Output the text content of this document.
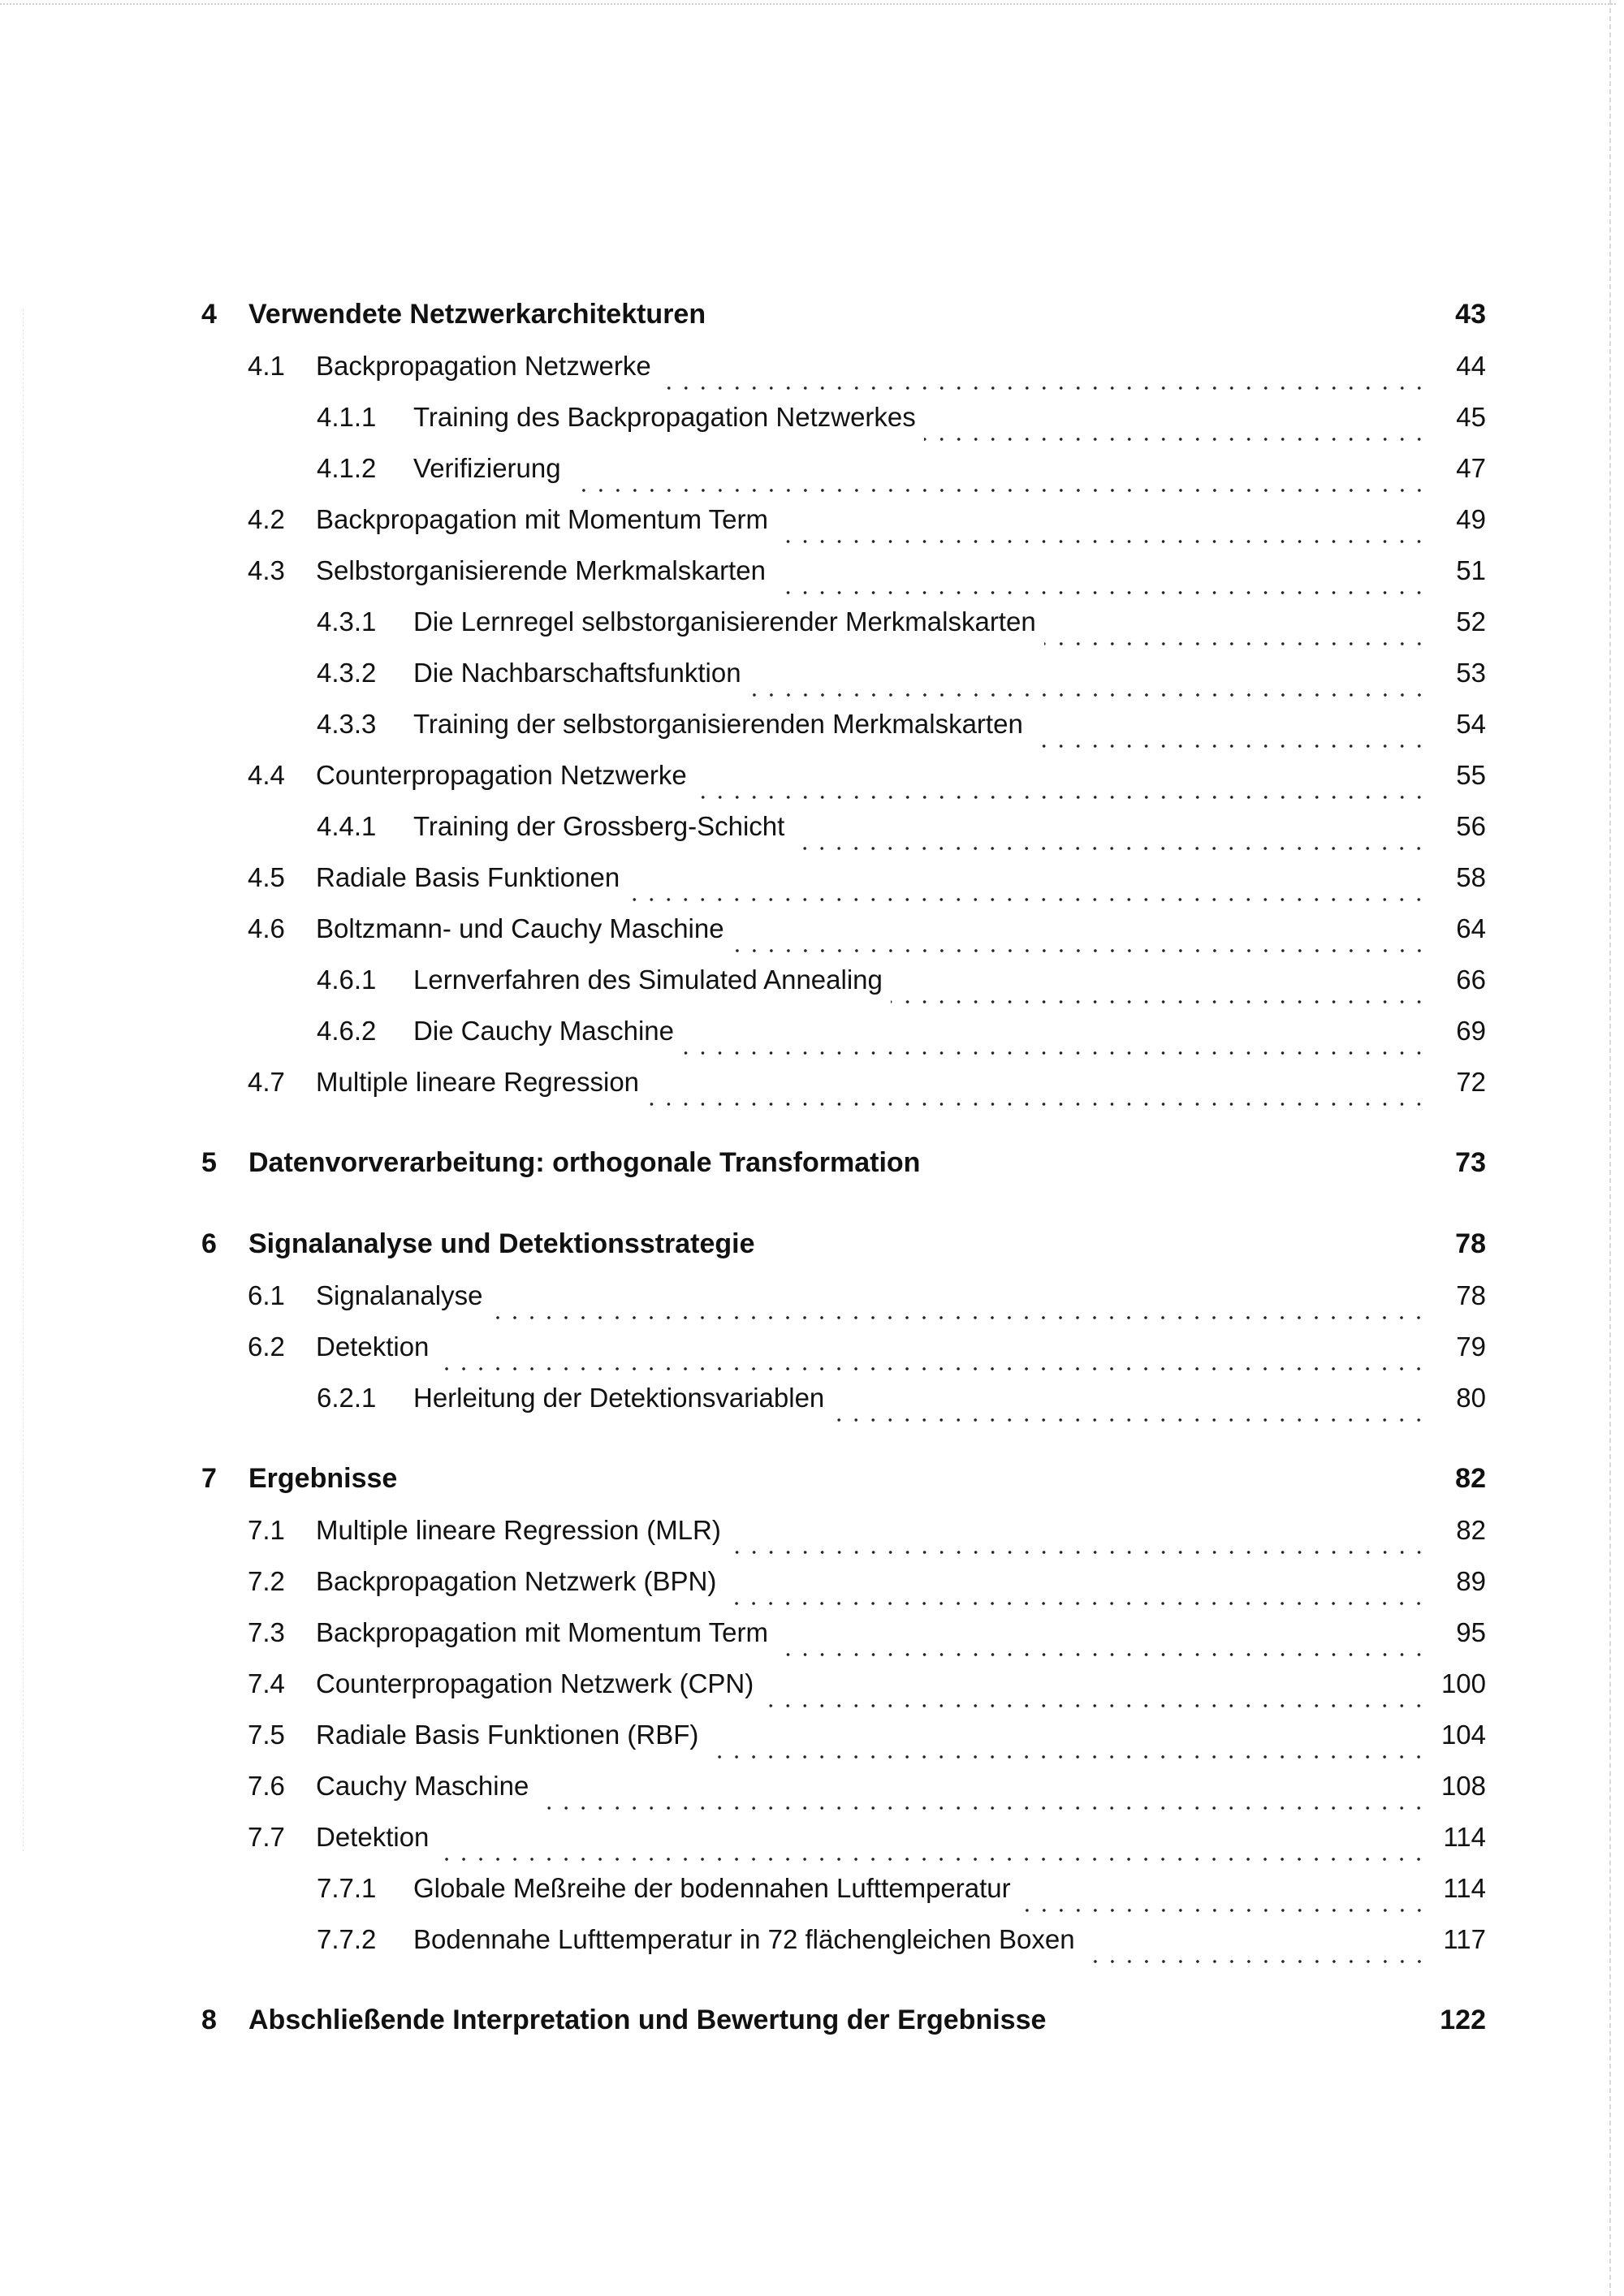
4	Verwendete Netzwerkarchitekturen	43
4.1	Backpropagation Netzwerke	44
4.1.1	Training des Backpropagation Netzwerkes	45
4.1.2	Verifizierung	47
4.2	Backpropagation mit Momentum Term	49
4.3	Selbstorganisierende Merkmalskarten	51
4.3.1	Die Lernregel selbstorganisierender Merkmalskarten	52
4.3.2	Die Nachbarschaftsfunktion	53
4.3.3	Training der selbstorganisierenden Merkmalskarten	54
4.4	Counterpropagation Netzwerke	55
4.4.1	Training der Grossberg-Schicht	56
4.5	Radiale Basis Funktionen	58
4.6	Boltzmann- und Cauchy Maschine	64
4.6.1	Lernverfahren des Simulated Annealing	66
4.6.2	Die Cauchy Maschine	69
4.7	Multiple lineare Regression	72
5	Datenvorverarbeitung: orthogonale Transformation	73
6	Signalanalyse und Detektionsstrategie	78
6.1	Signalanalyse	78
6.2	Detektion	79
6.2.1	Herleitung der Detektionsvariablen	80
7	Ergebnisse	82
7.1	Multiple lineare Regression (MLR)	82
7.2	Backpropagation Netzwerk (BPN)	89
7.3	Backpropagation mit Momentum Term	95
7.4	Counterpropagation Netzwerk (CPN)	100
7.5	Radiale Basis Funktionen (RBF)	104
7.6	Cauchy Maschine	108
7.7	Detektion	114
7.7.1	Globale Meßreihe der bodennahen Lufttemperatur	114
7.7.2	Bodennahe Lufttemperatur in 72 flächengleichen Boxen	117
8	Abschließende Interpretation und Bewertung der Ergebnisse	122
